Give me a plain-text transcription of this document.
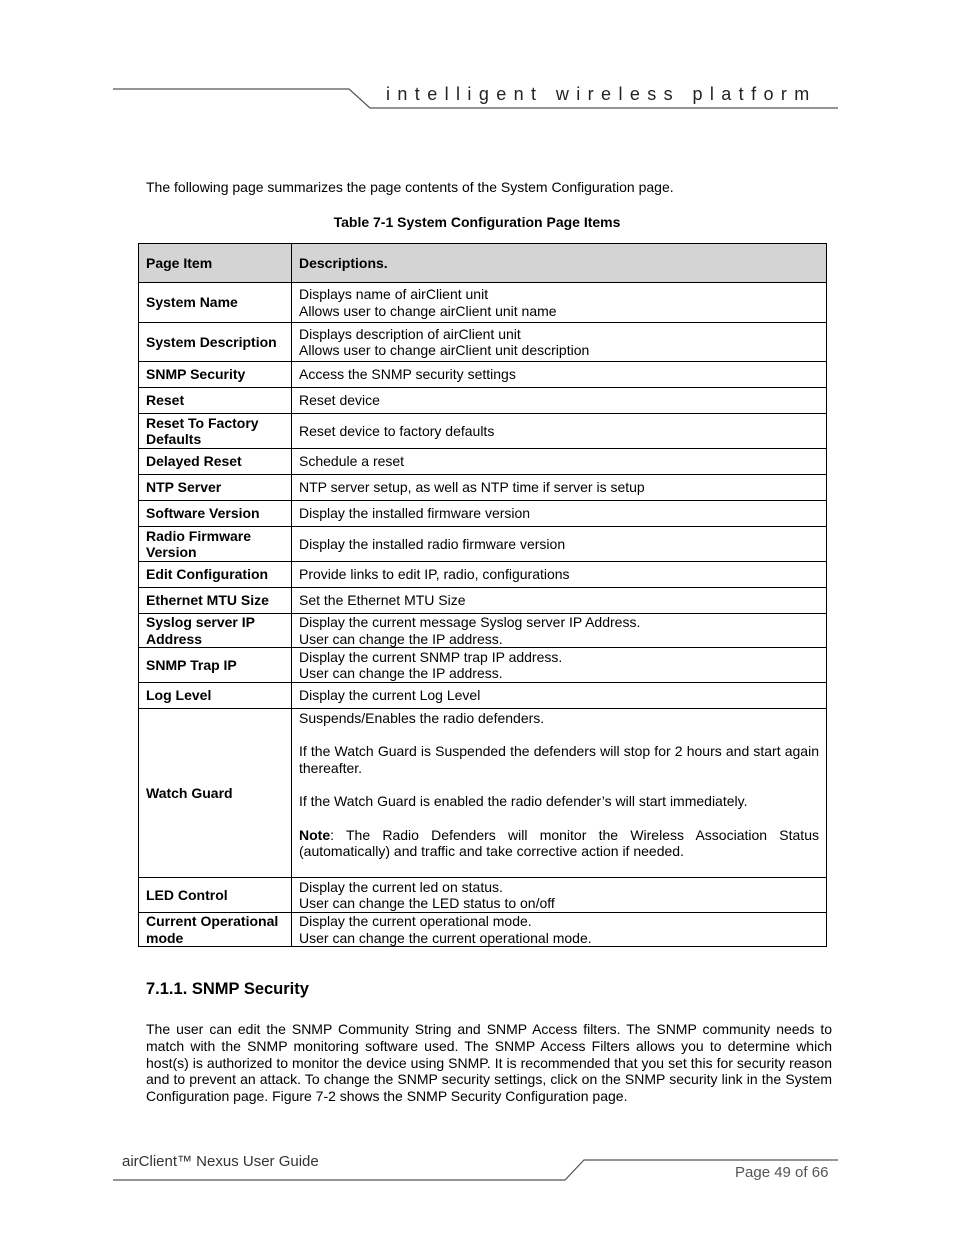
intelligent wireless platform
The following page summarizes the page contents of the System Configuration page.
Table 7-1 System Configuration Page Items
Page Item	Descriptions.
System Name	Displays name of airClient unit
Allows user to change airClient unit name

System Description	Displays description of airClient unit
Allows user to change airClient unit description

SNMP Security	Access the SNMP security settings

Reset	Reset device

Reset To Factory Defaults	Reset device to factory defaults

Delayed Reset	Schedule a reset

NTP Server	NTP server setup, as well as NTP time if server is setup

Software Version	Display the installed firmware version

Radio Firmware Version	Display the installed radio firmware version

Edit Configuration	Provide links to edit IP, radio, configurations

Ethernet MTU Size	Set the Ethernet MTU Size

Syslog server IP Address	Display the current message Syslog server IP Address.
User can change the IP address.

SNMP Trap IP	Display the current SNMP trap IP address.
User can change the IP address.

Log Level	Display the current Log Level

Watch Guard	Suspends/Enables the radio defenders.
If the Watch Guard is Suspended the defenders will stop for 2 hours and start again thereafter.
If the Watch Guard is enabled the radio defender’s will start immediately.
Note: The Radio Defenders will monitor the Wireless Association Status (automatically) and traffic and take corrective action if needed.

LED Control	Display the current led on status.
User can change the LED status to on/off

Current Operational mode	Display the current operational mode.
User can change the current operational mode.
7.1.1. SNMP Security
The user can edit the SNMP Community String and SNMP Access filters. The SNMP community needs to match with the SNMP monitoring software used. The SNMP Access Filters allows you to determine which host(s) is authorized to monitor the device using SNMP. It is recommended that you set this for security reason and to prevent an attack. To change the SNMP security settings, click on the SNMP security link in the System Configuration page. Figure 7-2 shows the SNMP Security Configuration page.
airClient™ Nexus User Guide
Page 49 of 66
